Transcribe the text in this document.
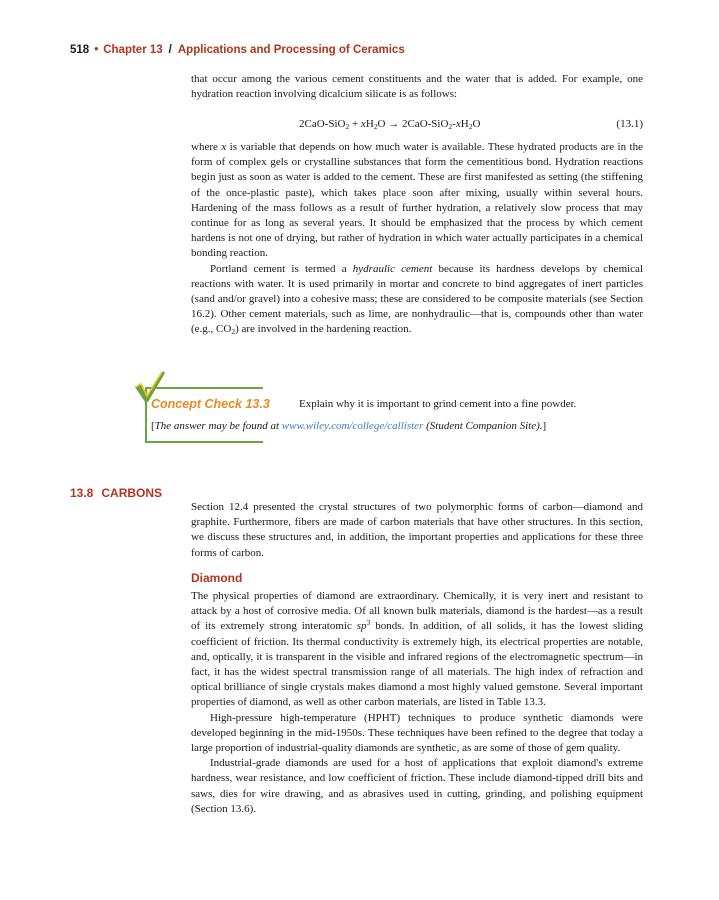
518 • Chapter 13 / Applications and Processing of Ceramics

that occur among the various cement constituents and the water that is added. For example, one hydration reaction involving dicalcium silicate is as follows:

$2CaO-SiO_2 + xH_2O \to 2CaO-SiO_2-xH_2O$	(13.1)

where x is variable that depends on how much water is available. These hydrated products are in the form of complex gels or crystalline substances that form the cementitious bond. Hydration reactions begin just as soon as water is added to the cement. These are first manifested as setting (the stiffening of the once-plastic paste), which takes place soon after mixing, usually within several hours. Hardening of the mass follows as a result of further hydration, a relatively slow process that may continue for as long as several years. It should be emphasized that the process by which cement hardens is not one of drying, but rather of hydration in which water actually participates in a chemical bonding reaction.

Portland cement is termed a hydraulic cement because its hardness develops by chemical reactions with water. It is used primarily in mortar and concrete to bind aggregates of inert particles (sand and/or gravel) into a cohesive mass; these are considered to be composite materials (see Section 16.2). Other cement materials, such as lime, are nonhydraulic—that is, compounds other than water (e.g., $CO_2$) are involved in the hardening reaction.

Concept Check 13.3	Explain why it is important to grind cement into a fine powder.
[The answer may be found at www.wiley.com/college/callister (Student Companion Site).]
13.8 CARBONS

Section 12.4 presented the crystal structures of two polymorphic forms of carbon—diamond and graphite. Furthermore, fibers are made of carbon materials that have other structures. In this section, we discuss these structures and, in addition, the important properties and applications for these three forms of carbon.

Diamond

The physical properties of diamond are extraordinary. Chemically, it is very inert and resistant to attack by a host of corrosive media. Of all known bulk materials, diamond is the hardest—as a result of its extremely strong interatomic $sp^3$ bonds. In addition, of all solids, it has the lowest sliding coefficient of friction. Its thermal conductivity is extremely high, its electrical properties are notable, and, optically, it is transparent in the visible and infrared regions of the electromagnetic spectrum—in fact, it has the widest spectral transmission range of all materials. The high index of refraction and optical brilliance of single crystals makes diamond a most highly valued gemstone. Several important properties of diamond, as well as other carbon materials, are listed in Table 13.3.

High-pressure high-temperature (HPHT) techniques to produce synthetic diamonds were developed beginning in the mid-1950s. These techniques have been refined to the degree that today a large proportion of industrial-quality diamonds are synthetic, as are some of those of gem quality.

Industrial-grade diamonds are used for a host of applications that exploit diamond's extreme hardness, wear resistance, and low coefficient of friction. These include diamond-tipped drill bits and saws, dies for wire drawing, and as abrasives used in cutting, grinding, and polishing equipment (Section 13.6).
